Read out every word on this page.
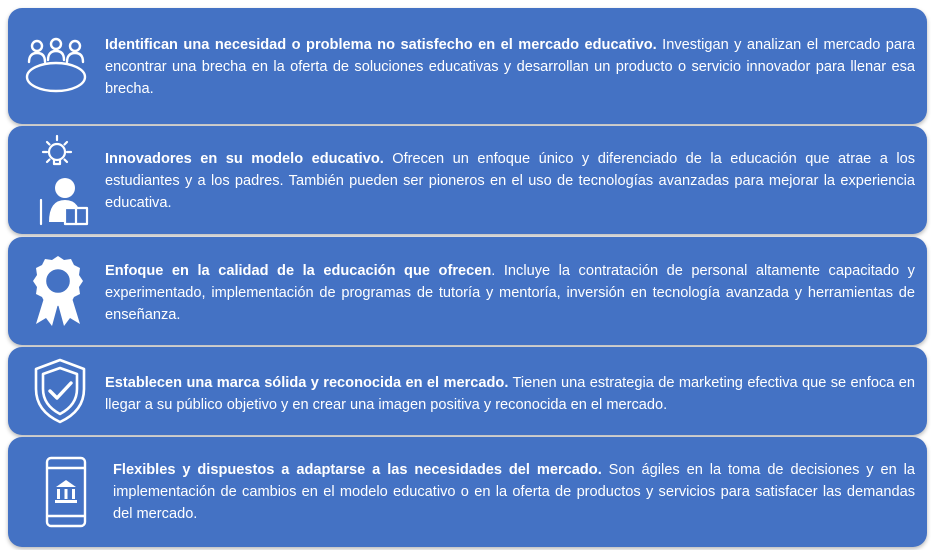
Identifican una necesidad o problema no satisfecho en el mercado educativo. Investigan y analizan el mercado para encontrar una brecha en la oferta de soluciones educativas y desarrollan un producto o servicio innovador para llenar esa brecha.
Innovadores en su modelo educativo. Ofrecen un enfoque único y diferenciado de la educación que atrae a los estudiantes y a los padres. También pueden ser pioneros en el uso de tecnologías avanzadas para mejorar la experiencia educativa.
Enfoque en la calidad de la educación que ofrecen. Incluye la contratación de personal altamente capacitado y experimentado, implementación de programas de tutoría y mentoría, inversión en tecnología avanzada y herramientas de enseñanza.
Establecen una marca sólida y reconocida en el mercado. Tienen una estrategia de marketing efectiva que se enfoca en llegar a su público objetivo y en crear una imagen positiva y reconocida en el mercado.
Flexibles y dispuestos a adaptarse a las necesidades del mercado. Son ágiles en la toma de decisiones y en la implementación de cambios en el modelo educativo o en la oferta de productos y servicios para satisfacer las demandas del mercado.
